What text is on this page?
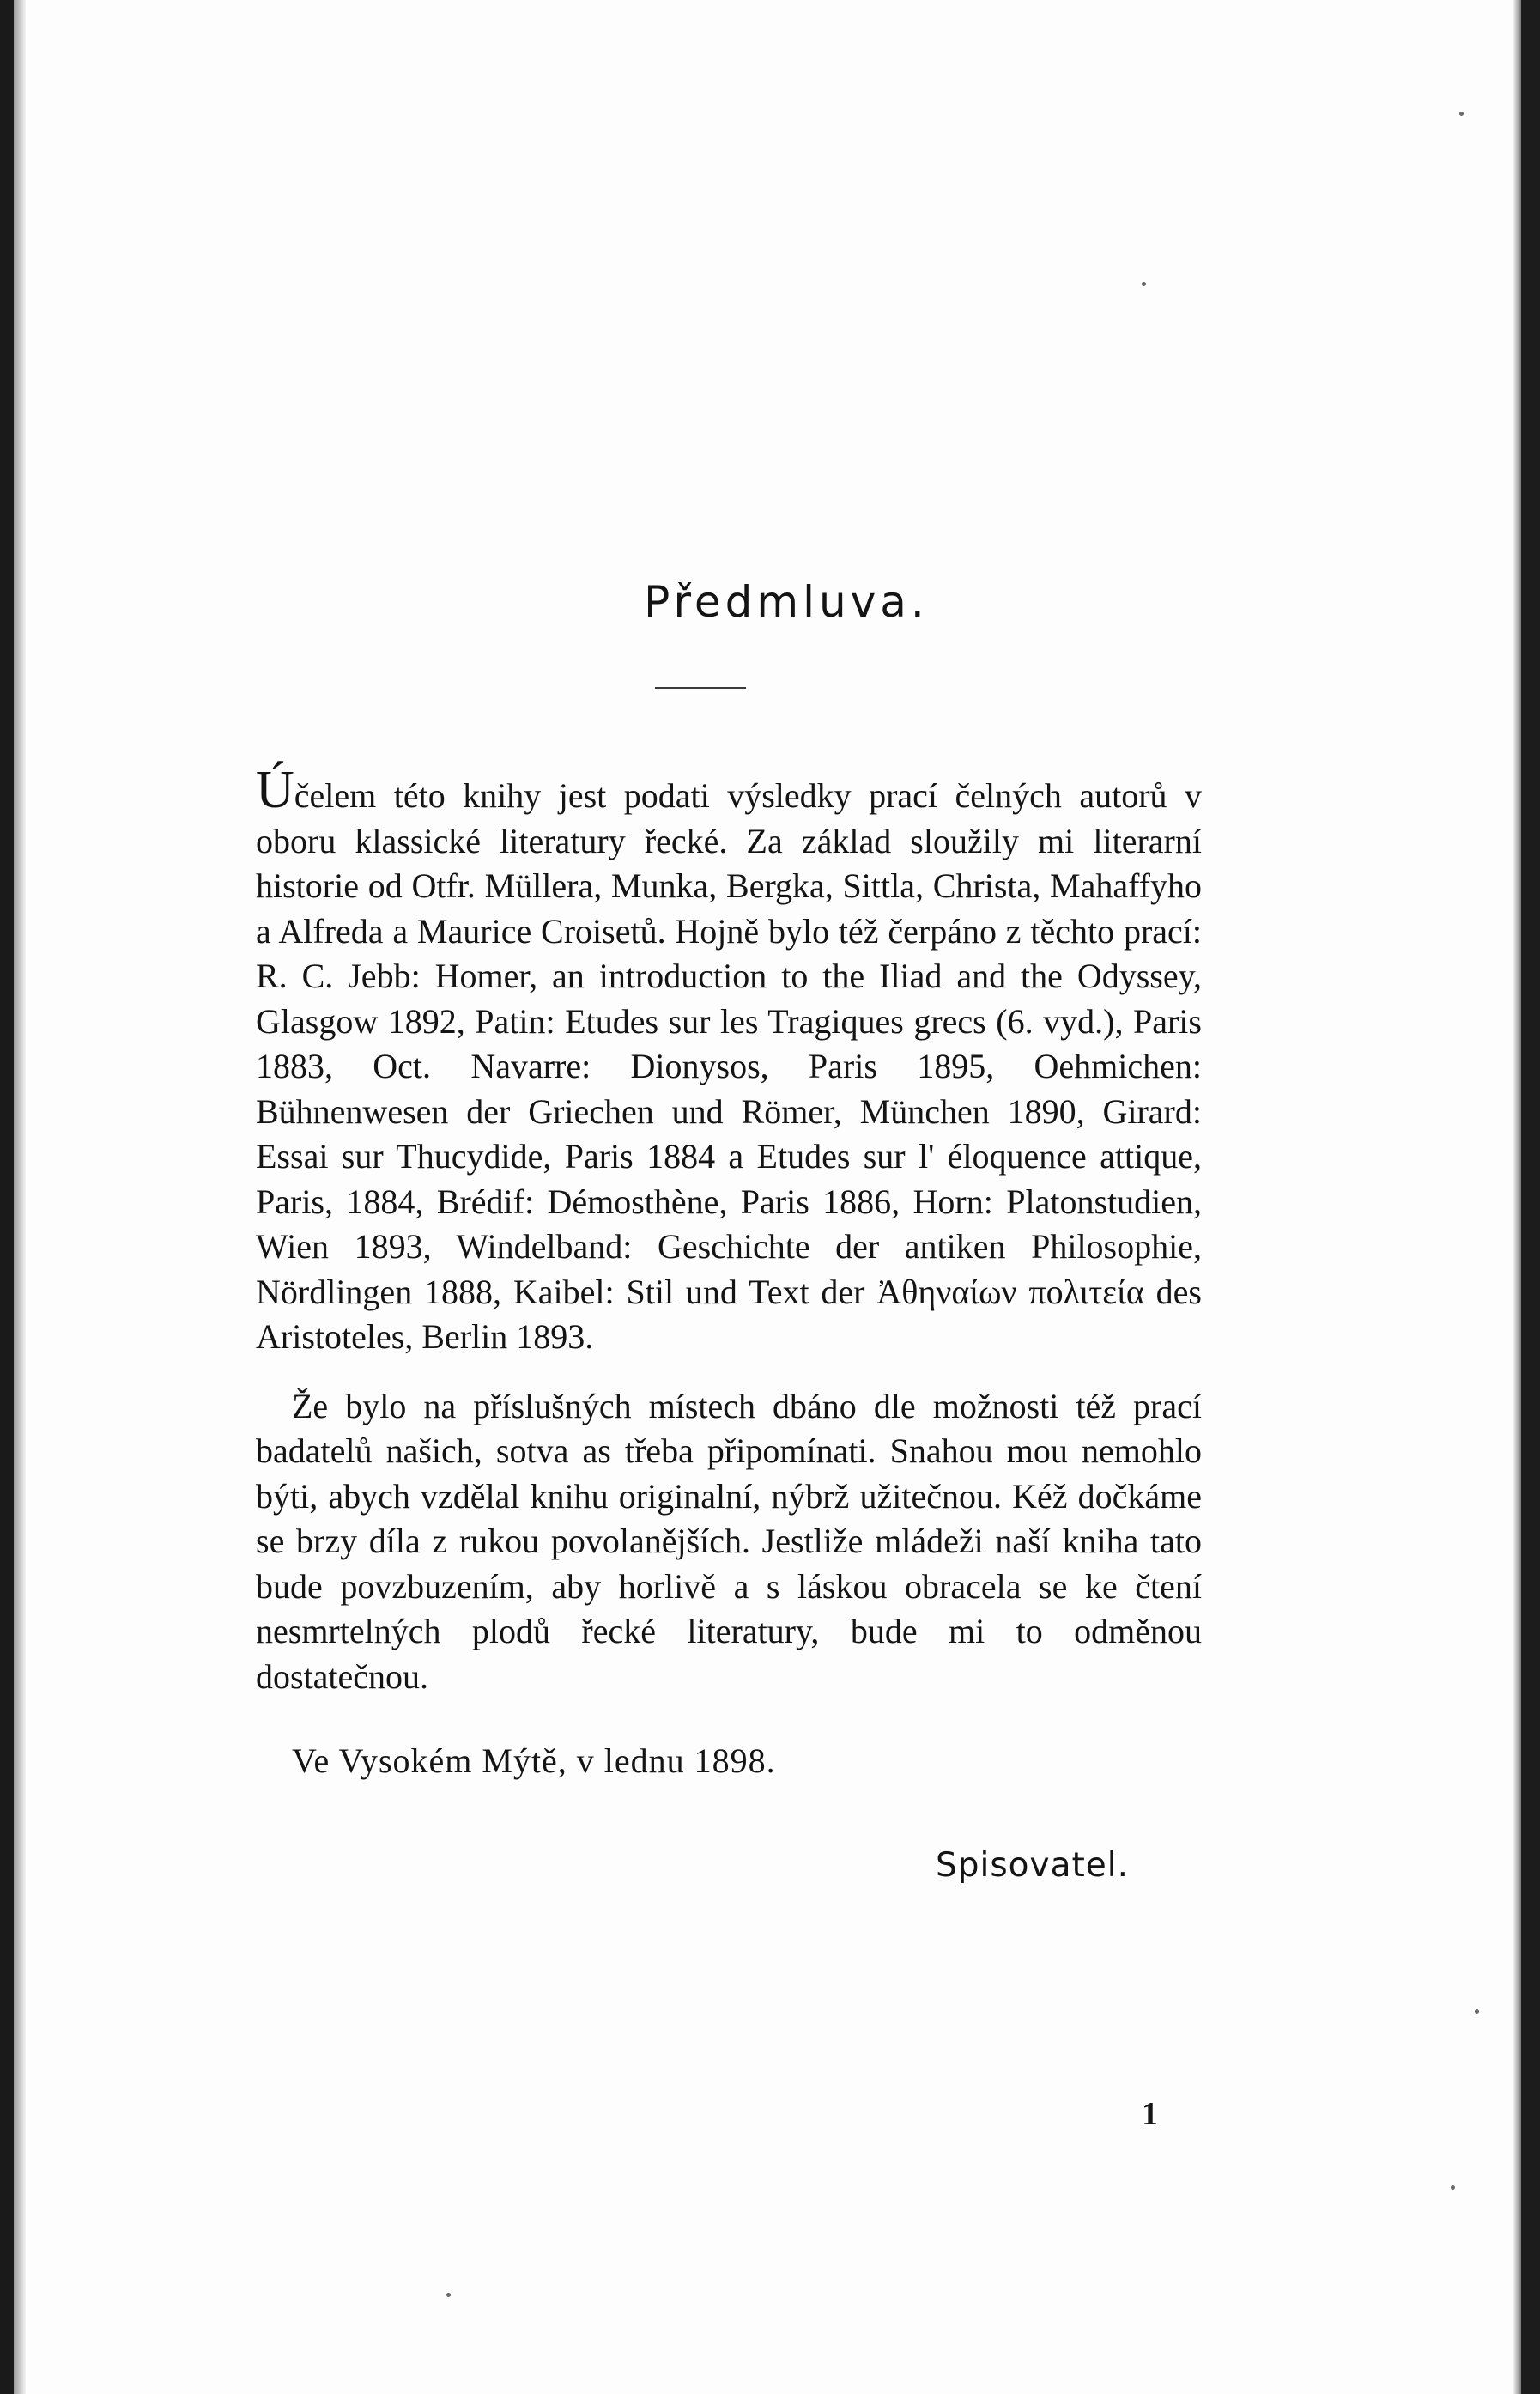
Předmluva.

Účelem této knihy jest podati výsledky prací čelných autorů v oboru klassické literatury řecké. Za základ sloužily mi literarní historie od Otfr. Müllera, Munka, Bergka, Sittla, Christa, Mahaffyho a Alfreda a Maurice Croisetů. Hojně bylo též čerpáno z těchto prací: R. C. Jebb: Homer, an introduction to the Iliad and the Odyssey, Glasgow 1892, Patin: Etudes sur les Tragiques grecs (6. vyd.), Paris 1883, Oct. Navarre: Dionysos, Paris 1895, Oehmichen: Bühnenwesen der Griechen und Römer, München 1890, Girard: Essai sur Thucydide, Paris 1884 a Etudes sur l' éloquence attique, Paris, 1884, Brédif: Démosthène, Paris 1886, Horn: Platonstudien, Wien 1893, Windelband: Geschichte der antiken Philosophie, Nördlingen 1888, Kaibel: Stil und Text der Ἀθηναίων πολιτεία des Aristoteles, Berlin 1893.

Že bylo na příslušných místech dbáno dle možnosti též prací badatelů našich, sotva as třeba připomínati. Snahou mou nemohlo býti, abych vzdělal knihu originalní, nýbrž užitečnou. Kéž dočkáme se brzy díla z rukou povolanějších. Jestliže mládeži naší kniha tato bude povzbuzením, aby horlivě a s láskou obracela se ke čtení nesmrtelných plodů řecké literatury, bude mi to odměnou dostatečnou.

Ve Vysokém Mýtě, v lednu 1898.
Spisovatel.
1
